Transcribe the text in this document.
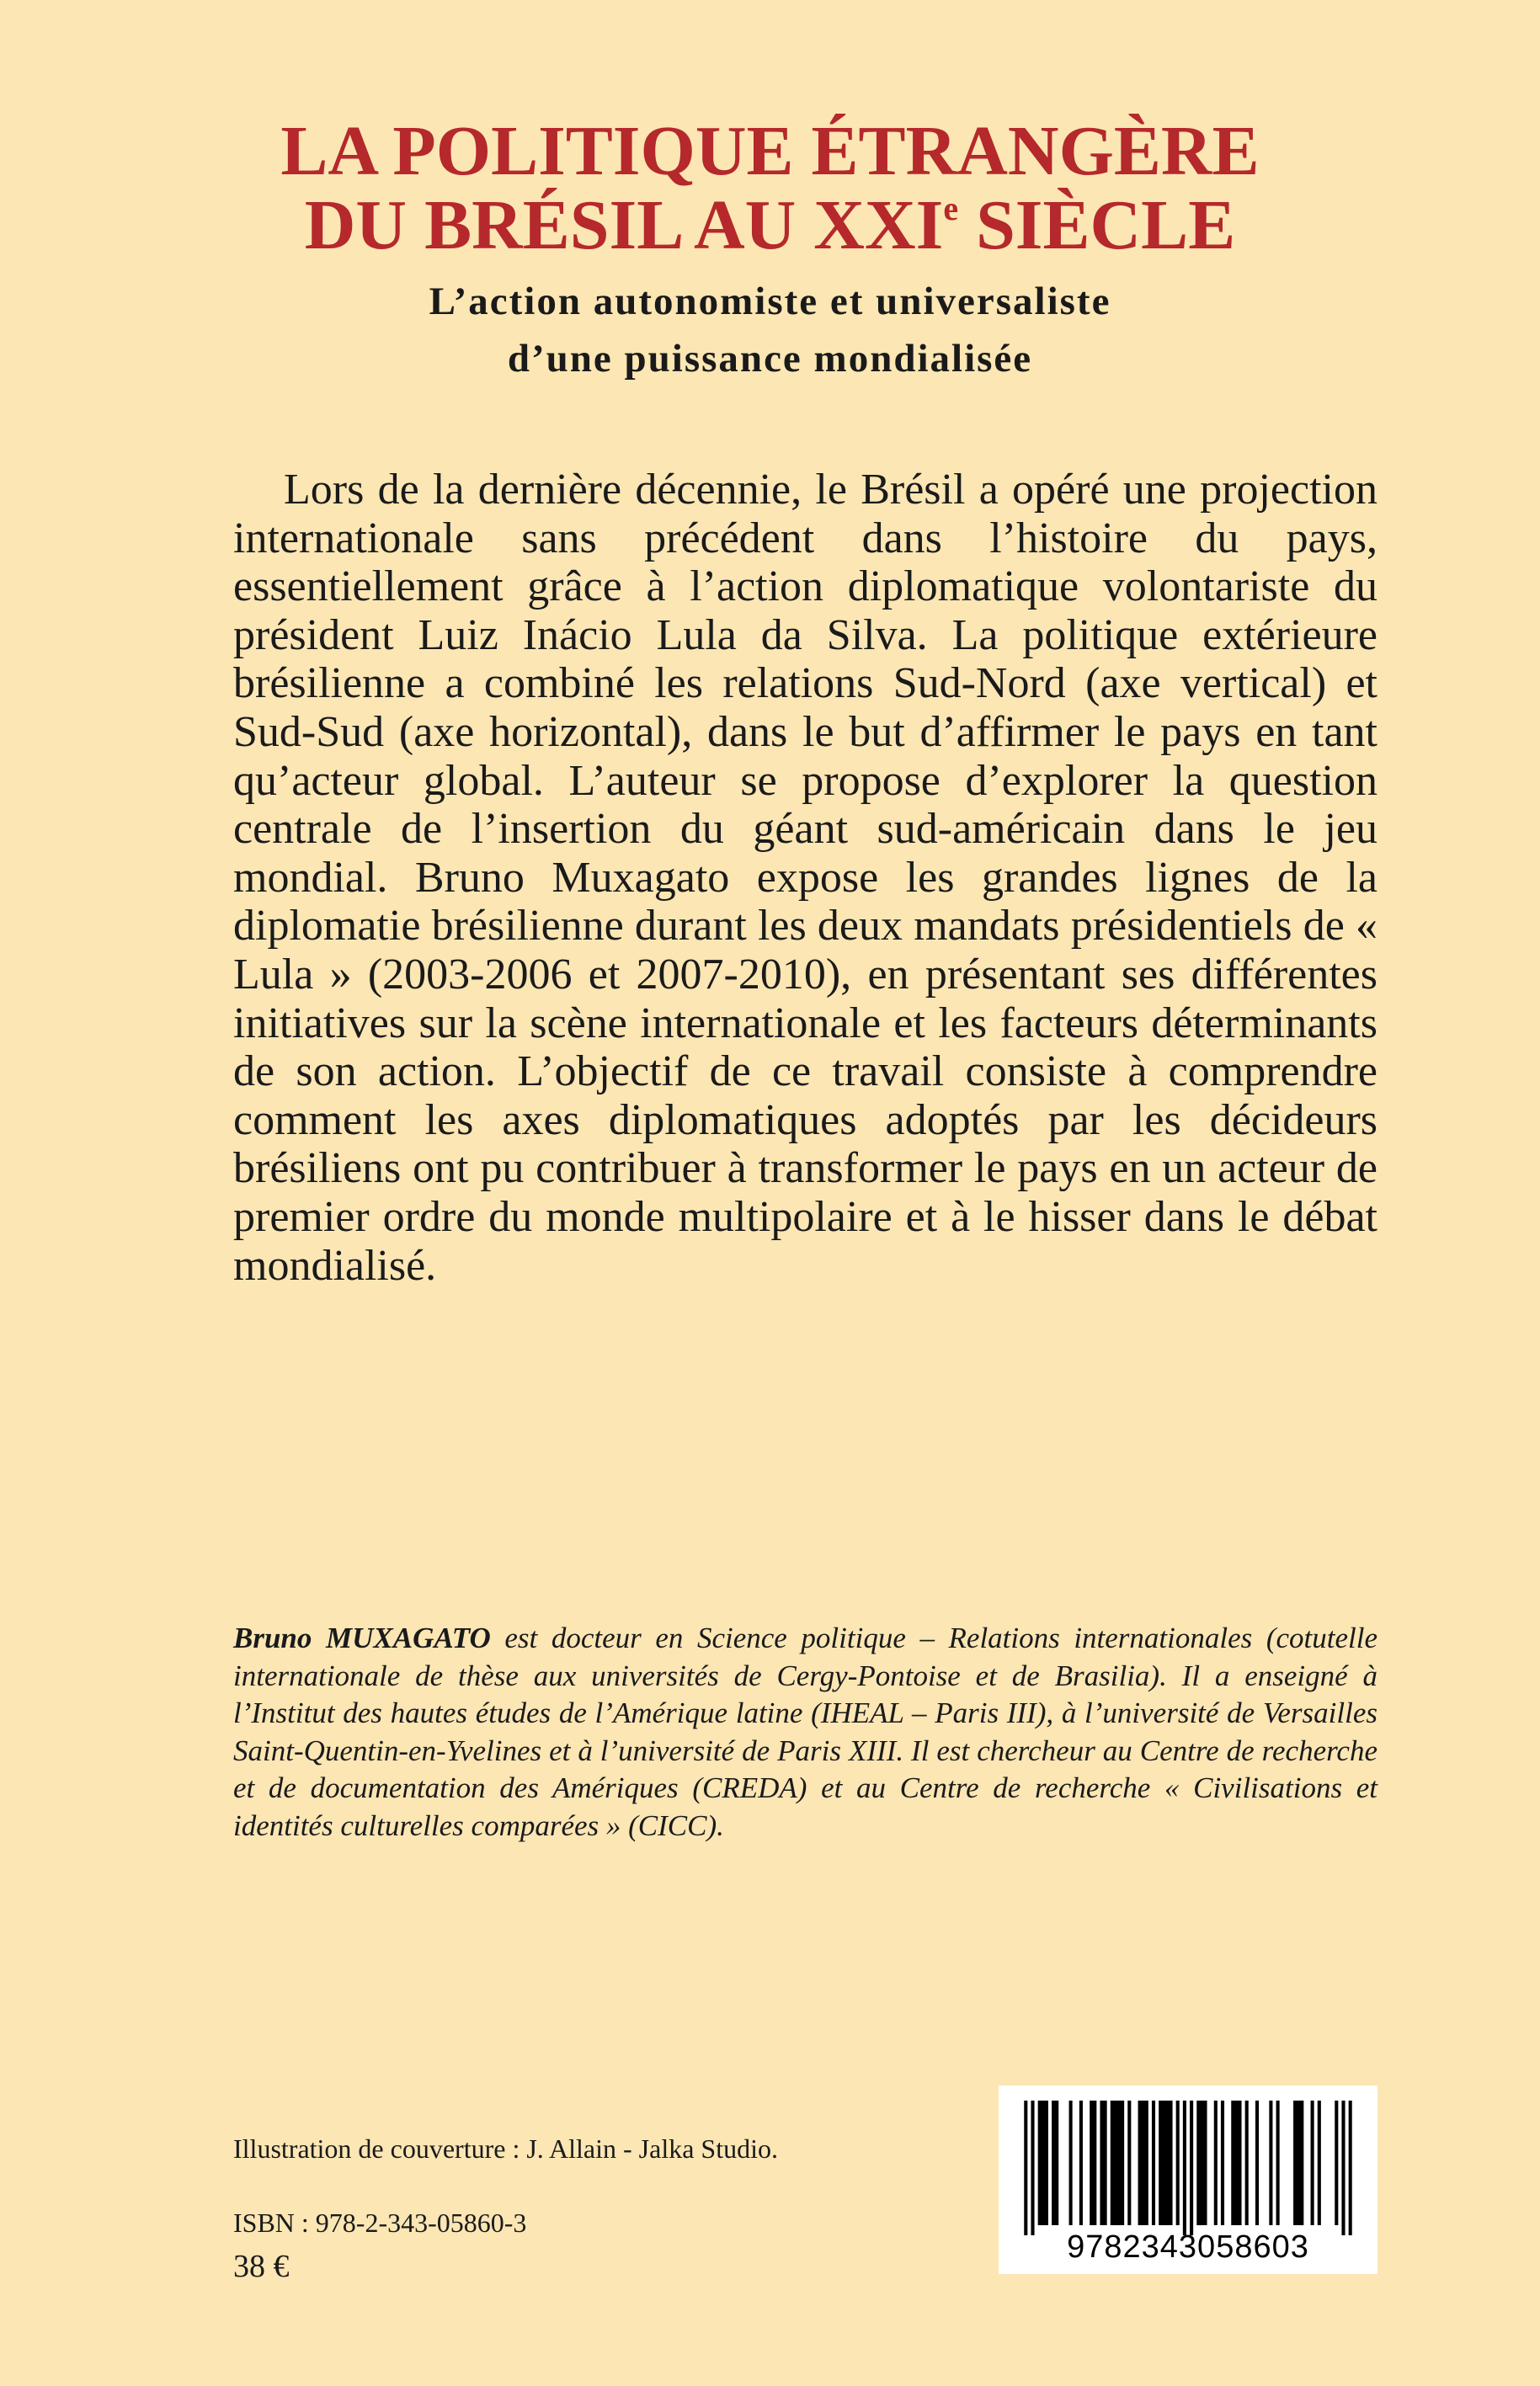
LA POLITIQUE ÉTRANGÈRE
DU BRÉSIL AU XXIe SIÈCLE
L’action autonomiste et universaliste
d’une puissance mondialisée

Lors de la dernière décennie, le Brésil a opéré une projection internationale sans précédent dans l’histoire du pays, essentiellement grâce à l’action diplomatique volontariste du président Luiz Inácio Lula da Silva. La politique extérieure brésilienne a combiné les relations Sud-Nord (axe vertical) et Sud-Sud (axe horizontal), dans le but d’affirmer le pays en tant qu’acteur global. L’auteur se propose d’explorer la question centrale de l’insertion du géant sud-américain dans le jeu mondial. Bruno Muxagato expose les grandes lignes de la diplomatie brésilienne durant les deux mandats présidentiels de « Lula » (2003-2006 et 2007-2010), en présentant ses différentes initiatives sur la scène internationale et les facteurs déterminants de son action. L’objectif de ce travail consiste à comprendre comment les axes diplomatiques adoptés par les décideurs brésiliens ont pu contribuer à transformer le pays en un acteur de premier ordre du monde multipolaire et à le hisser dans le débat mondialisé.

Bruno MUXAGATO est docteur en Science politique – Relations internationales (cotutelle internationale de thèse aux universités de Cergy-Pontoise et de Brasilia). Il a enseigné à l’Institut des hautes études de l’Amérique latine (IHEAL – Paris III), à l’université de Versailles Saint-Quentin-en-Yvelines et à l’université de Paris XIII. Il est chercheur au Centre de recherche et de documentation des Amériques (CREDA) et au Centre de recherche « Civilisations et identités culturelles comparées » (CICC).

Illustration de couverture : J. Allain - Jalka Studio.
ISBN : 978-2-343-05860-3
38 €
9782343058603
